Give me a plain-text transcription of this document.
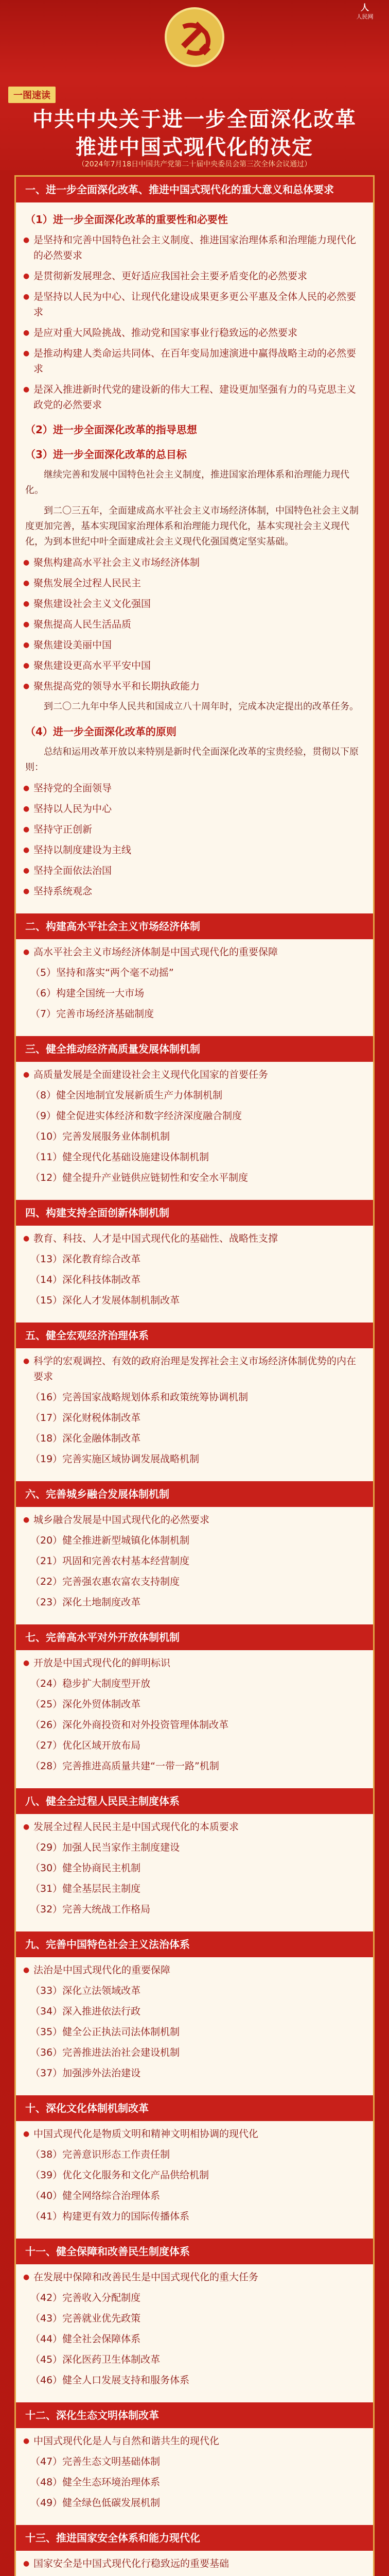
人
人民网
一图速读
中共中央关于进一步全面深化改革
推进中国式现代化的决定
（2024年7月18日中国共产党第二十届中央委员会第三次全体会议通过）
一、进一步全面深化改革、推进中国式现代化的重大意义和总体要求
（1）进一步全面深化改革的重要性和必要性
● 是坚持和完善中国特色社会主义制度、推进国家治理体系和治理能力现代化的必然要求
● 是贯彻新发展理念、更好适应我国社会主要矛盾变化的必然要求
● 是坚持以人民为中心、让现代化建设成果更多更公平惠及全体人民的必然要求
● 是应对重大风险挑战、推动党和国家事业行稳致远的必然要求
● 是推动构建人类命运共同体、在百年变局加速演进中赢得战略主动的必然要求
● 是深入推进新时代党的建设新的伟大工程、建设更加坚强有力的马克思主义政党的必然要求
（2）进一步全面深化改革的指导思想
（3）进一步全面深化改革的总目标
继续完善和发展中国特色社会主义制度，推进国家治理体系和治理能力现代化。
到二〇三五年，全面建成高水平社会主义市场经济体制，中国特色社会主义制度更加完善，基本实现国家治理体系和治理能力现代化，基本实现社会主义现代化，为到本世纪中叶全面建成社会主义现代化强国奠定坚实基础。
● 聚焦构建高水平社会主义市场经济体制
● 聚焦发展全过程人民民主
● 聚焦建设社会主义文化强国
● 聚焦提高人民生活品质
● 聚焦建设美丽中国
● 聚焦建设更高水平平安中国
● 聚焦提高党的领导水平和长期执政能力
到二〇二九年中华人民共和国成立八十周年时，完成本决定提出的改革任务。
（4）进一步全面深化改革的原则
总结和运用改革开放以来特别是新时代全面深化改革的宝贵经验，贯彻以下原则：
● 坚持党的全面领导
● 坚持以人民为中心
● 坚持守正创新
● 坚持以制度建设为主线
● 坚持全面依法治国
● 坚持系统观念
二、构建高水平社会主义市场经济体制
● 高水平社会主义市场经济体制是中国式现代化的重要保障
（5）坚持和落实“两个毫不动摇”
（6）构建全国统一大市场
（7）完善市场经济基础制度
三、健全推动经济高质量发展体制机制
● 高质量发展是全面建设社会主义现代化国家的首要任务
（8）健全因地制宜发展新质生产力体制机制
（9）健全促进实体经济和数字经济深度融合制度
（10）完善发展服务业体制机制
（11）健全现代化基础设施建设体制机制
（12）健全提升产业链供应链韧性和安全水平制度
四、构建支持全面创新体制机制
● 教育、科技、人才是中国式现代化的基础性、战略性支撑
（13）深化教育综合改革
（14）深化科技体制改革
（15）深化人才发展体制机制改革
五、健全宏观经济治理体系
● 科学的宏观调控、有效的政府治理是发挥社会主义市场经济体制优势的内在要求
（16）完善国家战略规划体系和政策统筹协调机制
（17）深化财税体制改革
（18）深化金融体制改革
（19）完善实施区域协调发展战略机制
六、完善城乡融合发展体制机制
● 城乡融合发展是中国式现代化的必然要求
（20）健全推进新型城镇化体制机制
（21）巩固和完善农村基本经营制度
（22）完善强农惠农富农支持制度
（23）深化土地制度改革
七、完善高水平对外开放体制机制
● 开放是中国式现代化的鲜明标识
（24）稳步扩大制度型开放
（25）深化外贸体制改革
（26）深化外商投资和对外投资管理体制改革
（27）优化区域开放布局
（28）完善推进高质量共建“一带一路”机制
八、健全全过程人民民主制度体系
● 发展全过程人民民主是中国式现代化的本质要求
（29）加强人民当家作主制度建设
（30）健全协商民主机制
（31）健全基层民主制度
（32）完善大统战工作格局
九、完善中国特色社会主义法治体系
● 法治是中国式现代化的重要保障
（33）深化立法领域改革
（34）深入推进依法行政
（35）健全公正执法司法体制机制
（36）完善推进法治社会建设机制
（37）加强涉外法治建设
十、深化文化体制机制改革
● 中国式现代化是物质文明和精神文明相协调的现代化
（38）完善意识形态工作责任制
（39）优化文化服务和文化产品供给机制
（40）健全网络综合治理体系
（41）构建更有效力的国际传播体系
十一、健全保障和改善民生制度体系
● 在发展中保障和改善民生是中国式现代化的重大任务
（42）完善收入分配制度
（43）完善就业优先政策
（44）健全社会保障体系
（45）深化医药卫生体制改革
（46）健全人口发展支持和服务体系
十二、深化生态文明体制改革
● 中国式现代化是人与自然和谐共生的现代化
（47）完善生态文明基础体制
（48）健全生态环境治理体系
（49）健全绿色低碳发展机制
十三、推进国家安全体系和能力现代化
● 国家安全是中国式现代化行稳致远的重要基础
